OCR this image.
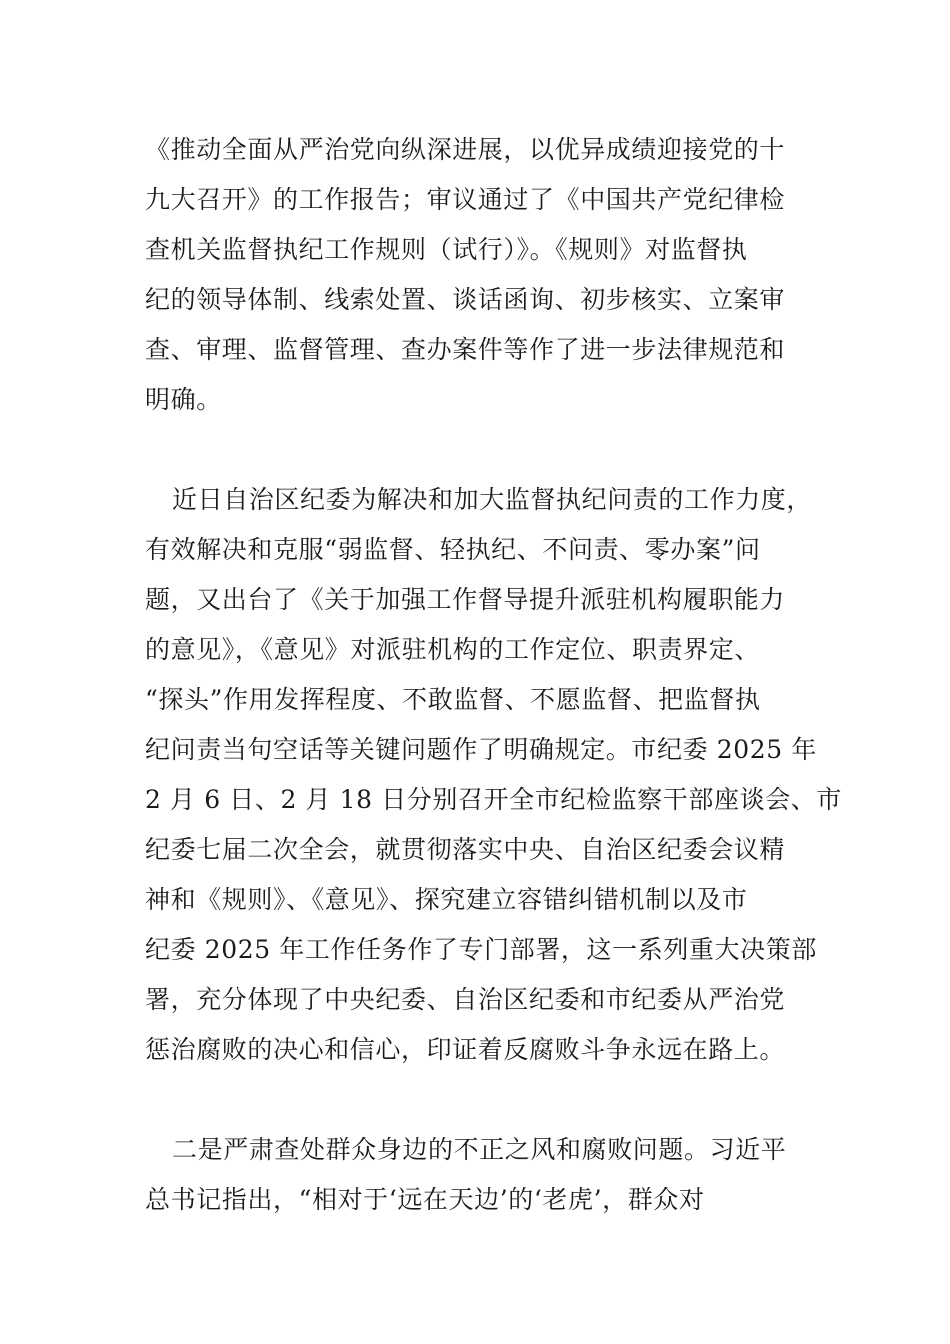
《推动全面从严治党向纵深进展，以优异成绩迎接党的十

九大召开》的工作报告；审议通过了《中国共产党纪律检

查机关监督执纪工作规则（试行）》。《规则》对监督执

纪的领导体制、线索处置、谈话函询、初步核实、立案审

查、审理、监督管理、查办案件等作了进一步法律规范和

明确。

近日自治区纪委为解决和加大监督执纪问责的工作力度，

有效解决和克服“弱监督、轻执纪、不问责、零办案”问

题，又出台了《关于加强工作督导提升派驻机构履职能力

的意见》，《意见》对派驻机构的工作定位、职责界定、

“探头”作用发挥程度、不敢监督、不愿监督、把监督执

纪问责当句空话等关键问题作了明确规定。市纪委 2025 年

2 月 6 日、2 月 18 日分别召开全市纪检监察干部座谈会、市

纪委七届二次全会，就贯彻落实中央、自治区纪委会议精

神和《规则》、《意见》、探究建立容错纠错机制以及市

纪委 2025 年工作任务作了专门部署，这一系列重大决策部

署，充分体现了中央纪委、自治区纪委和市纪委从严治党

惩治腐败的决心和信心，印证着反腐败斗争永远在路上。

二是严肃查处群众身边的不正之风和腐败问题。习近平

总书记指出，“相对于‘远在天边’的‘老虎’，群众对
